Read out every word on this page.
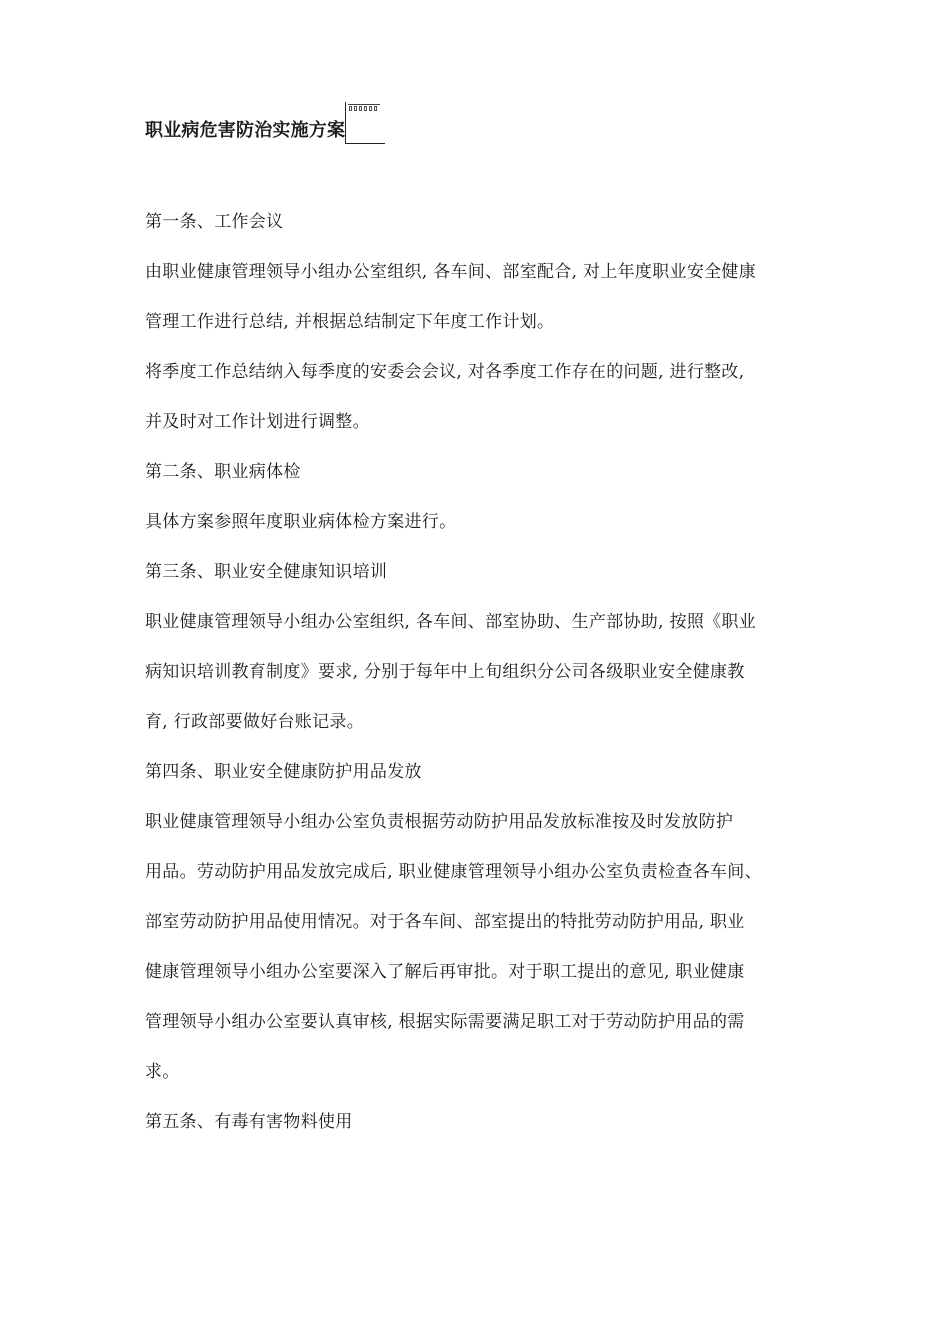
职业病危害防治实施方案
第一条、工作会议
由职业健康管理领导小组办公室组织, 各车间、部室配合, 对上年度职业安全健康
管理工作进行总结, 并根据总结制定下年度工作计划。
将季度工作总结纳入每季度的安委会会议, 对各季度工作存在的问题, 进行整改,
并及时对工作计划进行调整。
第二条、职业病体检
具体方案参照年度职业病体检方案进行。
第三条、职业安全健康知识培训
职业健康管理领导小组办公室组织, 各车间、部室协助、生产部协助, 按照《职业
病知识培训教育制度》要求, 分别于每年中上旬组织分公司各级职业安全健康教
育, 行政部要做好台账记录。
第四条、职业安全健康防护用品发放
职业健康管理领导小组办公室负责根据劳动防护用品发放标准按及时发放防护
用品。劳动防护用品发放完成后, 职业健康管理领导小组办公室负责检查各车间、
部室劳动防护用品使用情况。对于各车间、部室提出的特批劳动防护用品, 职业
健康管理领导小组办公室要深入了解后再审批。对于职工提出的意见, 职业健康
管理领导小组办公室要认真审核, 根据实际需要满足职工对于劳动防护用品的需
求。
第五条、有毒有害物料使用
